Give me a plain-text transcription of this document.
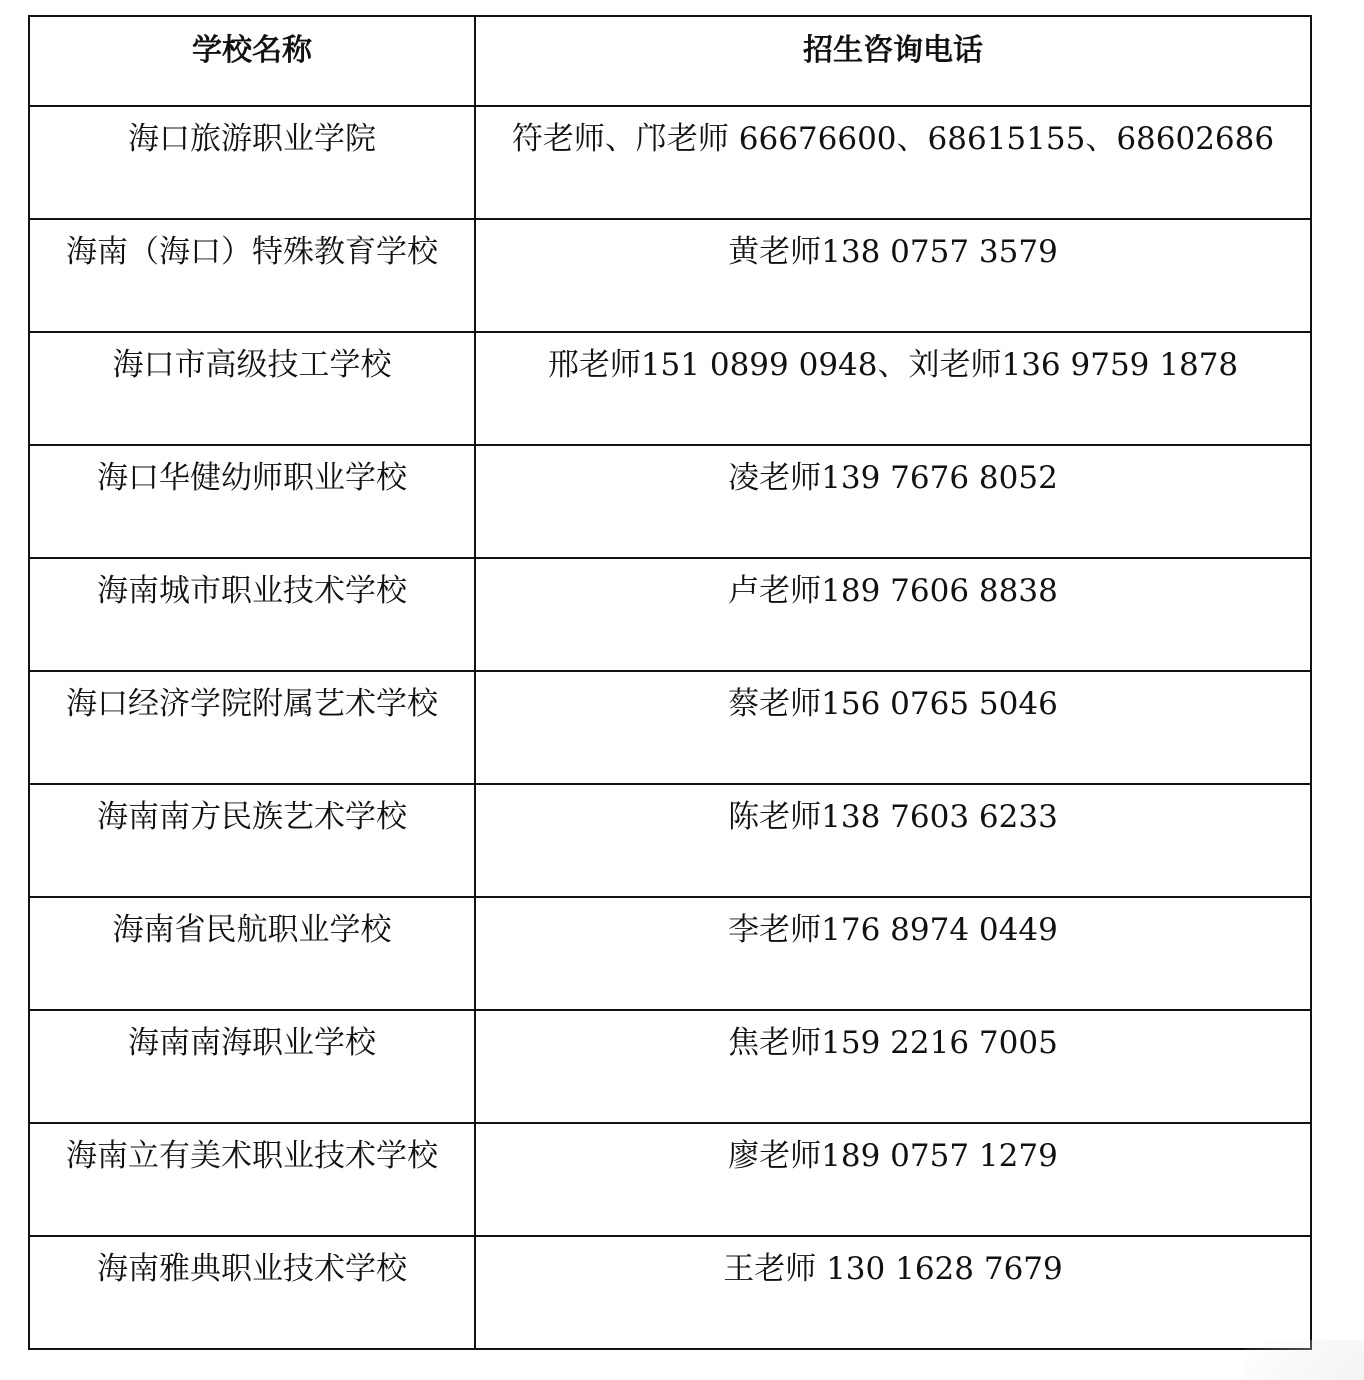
学校名称	招生咨询电话
海口旅游职业学院	符老师、邝老师 66676600、68615155、68602686
海南（海口）特殊教育学校	黄老师138 0757 3579
海口市高级技工学校	邢老师151 0899 0948、刘老师136 9759 1878
海口华健幼师职业学校	凌老师139 7676 8052
海南城市职业技术学校	卢老师189 7606 8838
海口经济学院附属艺术学校	蔡老师156 0765 5046
海南南方民族艺术学校	陈老师138 7603 6233
海南省民航职业学校	李老师176 8974 0449
海南南海职业学校	焦老师159 2216 7005
海南立有美术职业技术学校	廖老师189 0757 1279
海南雅典职业技术学校	王老师 130 1628 7679
